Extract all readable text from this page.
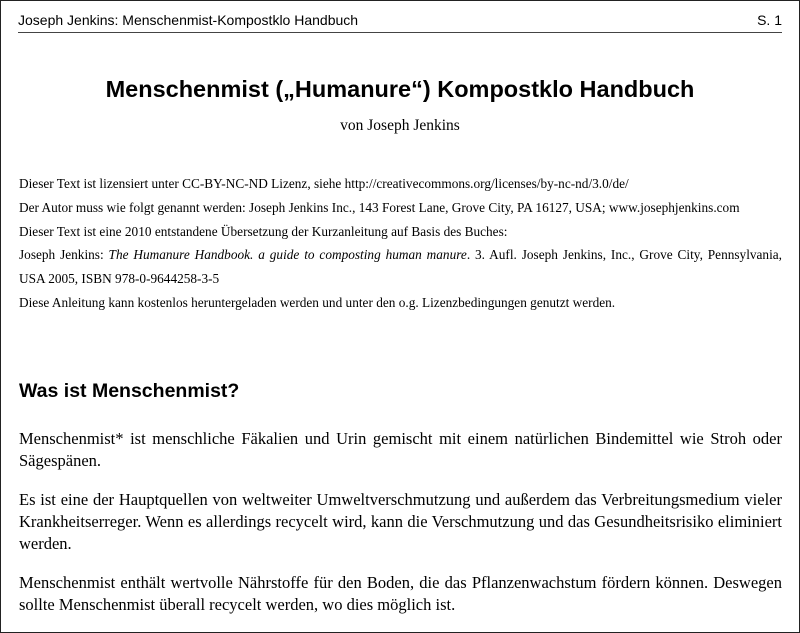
Joseph Jenkins: Menschenmist-Kompostklo Handbuch	S. 1
Menschenmist („Humanure“) Kompostklo Handbuch
von Joseph Jenkins

Dieser Text ist lizensiert unter CC-BY-NC-ND Lizenz, siehe http://creativecommons.org/licenses/by-nc-nd/3.0/de/

Der Autor muss wie folgt genannt werden: Joseph Jenkins Inc., 143 Forest Lane, Grove City, PA 16127, USA; www.josephjenkins.com

Dieser Text ist eine 2010 entstandene Übersetzung der Kurzanleitung auf Basis des Buches:

Joseph Jenkins: The Humanure Handbook. a guide to composting human manure. 3. Aufl. Joseph Jenkins, Inc., Grove City, Pennsylvania, USA 2005, ISBN 978-0-9644258-3-5

Diese Anleitung kann kostenlos heruntergeladen werden und unter den o.g. Lizenzbedingungen genutzt werden.

Was ist Menschenmist?

Menschenmist* ist menschliche Fäkalien und Urin gemischt mit einem natürlichen Bindemittel wie Stroh oder Sägespänen.

Es ist eine der Hauptquellen von weltweiter Umweltverschmutzung und außerdem das Verbreitungsmedium vieler Krankheitserreger. Wenn es allerdings recycelt wird, kann die Verschmutzung und das Gesundheitsrisiko eliminiert werden.

Menschenmist enthält wertvolle Nährstoffe für den Boden, die das Pflanzenwachstum fördern können. Deswegen sollte Menschenmist überall recycelt werden, wo dies möglich ist.
